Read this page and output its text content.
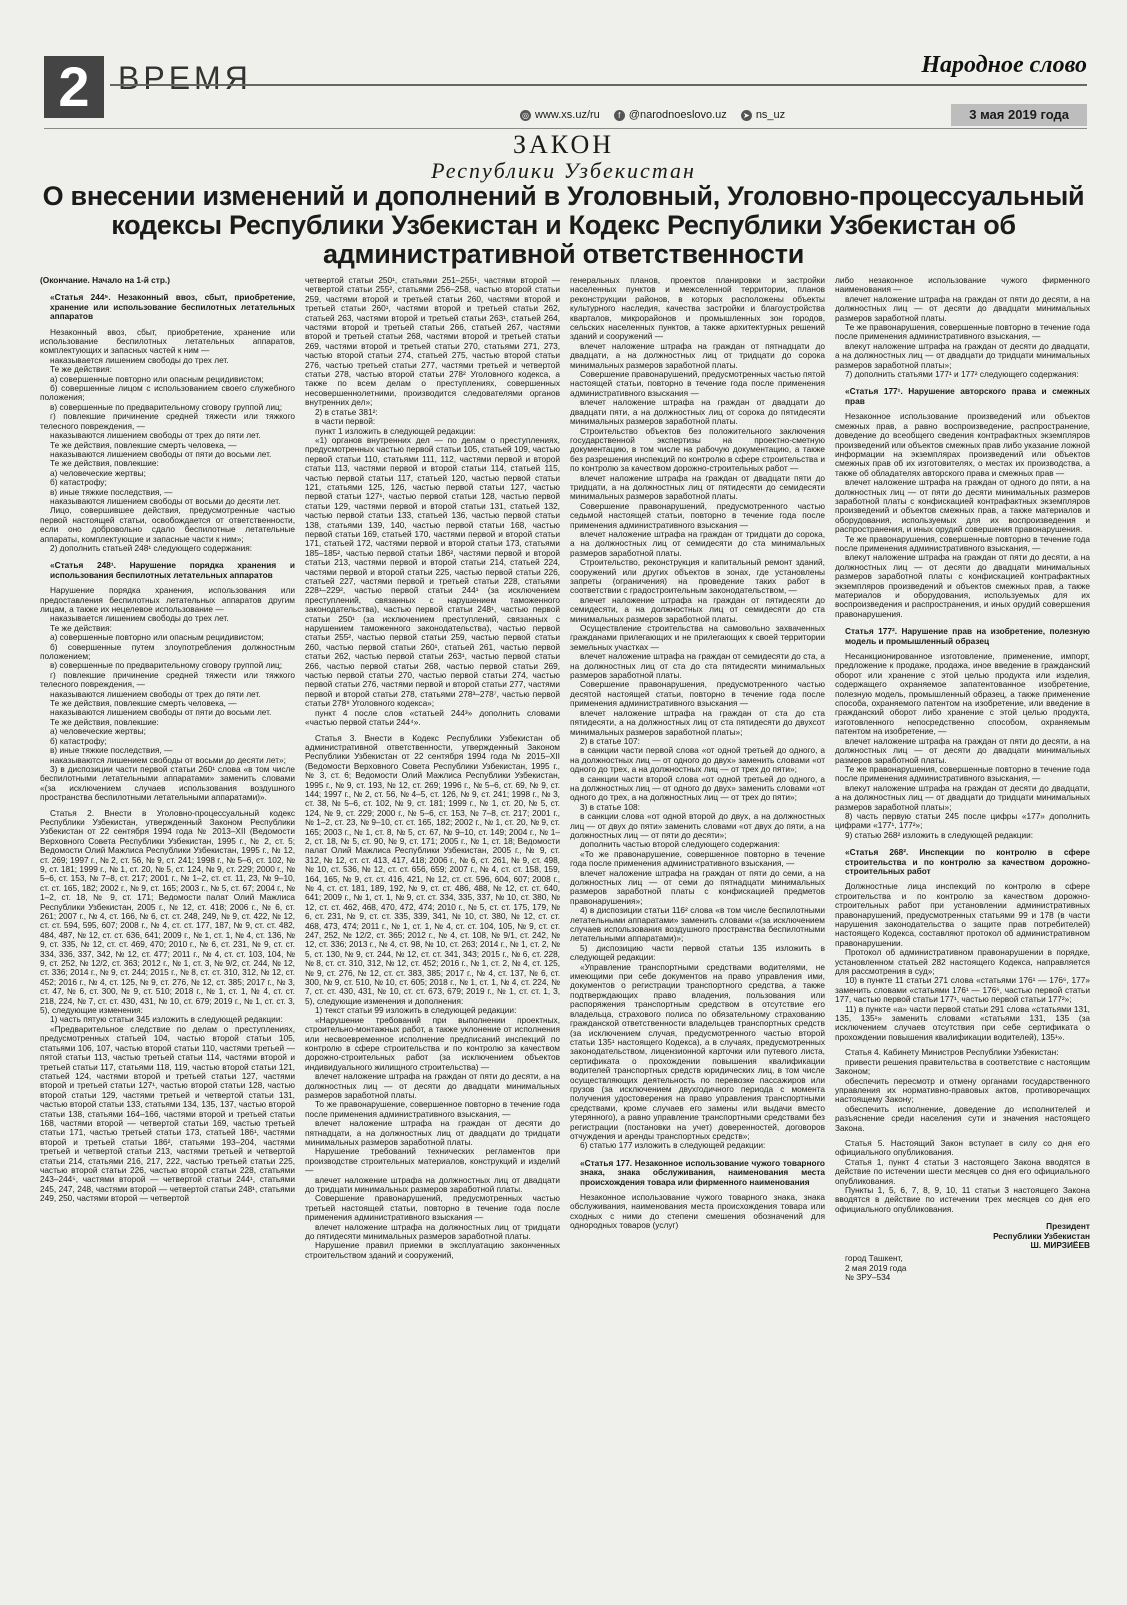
2 ВРЕМЯ	Народное слово
◎ www.xs.uz/ru	f @narodnoeslovo.uz ➤ ns_uz	3 мая 2019 года
ЗАКОН
Республики Узбекистан
О внесении изменений и дополнений в Уголовный, Уголовно-процессуальный кодексы Республики Узбекистан и Кодекс Республики Узбекистан об административной ответственности

(Окончание. Начало на 1-й стр.)

«Статья 244⁵. Незаконный ввоз, сбыт, приобретение, хранение или использование беспилотных летательных аппаратов

Незаконный ввоз, сбыт, приобретение, хранение или использование беспилотных летательных аппаратов, комплектующих и запасных частей к ним —

наказывается лишением свободы до трех лет.

Те же действия:

а) совершенные повторно или опасным рецидивистом;

б) совершенные лицом с использованием своего служебного положения;

в) совершенные по предварительному сговору группой лиц;

г) повлекшие причинение средней тяжести или тяжкого телесного повреждения, —

наказываются лишением свободы от трех до пяти лет.

Те же действия, повлекшие смерть человека, —

наказываются лишением свободы от пяти до восьми лет.

Те же действия, повлекшие:

а) человеческие жертвы;

б) катастрофу;

в) иные тяжкие последствия, —

наказываются лишением свободы от восьми до десяти лет.

Лицо, совершившее действия, предусмотренные частью первой настоящей статьи, освобождается от ответственности, если оно добровольно сдало беспилотные летательные аппараты, комплектующие и запасные части к ним»;

2) дополнить статьей 248¹ следующего содержания:

«Статья 248¹. Нарушение порядка хранения и использования беспилотных летательных аппаратов

Нарушение порядка хранения, использования или предоставления беспилотных летательных аппаратов другим лицам, а также их нецелевое использование —

наказывается лишением свободы до трех лет.

Те же действия:

а) совершенные повторно или опасным рецидивистом;

б) совершенные путем злоупотребления должностным положением;

в) совершенные по предварительному сговору группой лиц;

г) повлекшие причинение средней тяжести или тяжкого телесного повреждения, —

наказываются лишением свободы от трех до пяти лет.

Те же действия, повлекшие смерть человека, —

наказываются лишением свободы от пяти до восьми лет.

Те же действия, повлекшие:

а) человеческие жертвы;

б) катастрофу;

в) иные тяжкие последствия, —

наказываются лишением свободы от восьми до десяти лет»;

3) в диспозиции части первой статьи 260¹ слова «в том числе беспилотными летательными аппаратами» заменить словами «(за исключением случаев использования воздушного пространства беспилотными летательными аппаратами)».

Статья 2. Внести в Уголовно-процессуальный кодекс Республики Узбекистан, утвержденный Законом Республики Узбекистан от 22 сентября 1994 года № 2013–XII (Ведомости Верховного Совета Республики Узбекистан, 1995 г., № 2, ст. 5; Ведомости Олий Мажлиса Республики Узбекистан, 1995 г., № 12, ст. 269; 1997 г., № 2, ст. 56, № 9, ст. 241; 1998 г., № 5–6, ст. 102, № 9, ст. 181; 1999 г., № 1, ст. 20, № 5, ст. 124, № 9, ст. 229; 2000 г., № 5–6, ст. 153, № 7–8, ст. 217; 2001 г., № 1–2, ст. ст. 11, 23, № 9–10, ст. ст. 165, 182; 2002 г., № 9, ст. 165; 2003 г., № 5, ст. 67; 2004 г., № 1–2, ст. 18, № 9, ст. 171; Ведомости палат Олий Мажлиса Республики Узбекистан, 2005 г., № 12, ст. 418; 2006 г., № 6, ст. 261; 2007 г., № 4, ст. 166, № 6, ст. ст. 248, 249, № 9, ст. 422, № 12, ст. ст. 594, 595, 607; 2008 г., № 4, ст. ст. 177, 187, № 9, ст. ст. 482, 484, 487, № 12, ст. ст. 636, 641; 2009 г., № 1, ст. 1, № 4, ст. 136, № 9, ст. 335, № 12, ст. ст. 469, 470; 2010 г., № 6, ст. 231, № 9, ст. ст. 334, 336, 337, 342, № 12, ст. 477; 2011 г., № 4, ст. ст. 103, 104, № 9, ст. 252, № 12/2, ст. 363; 2012 г., № 1, ст. 3, № 9/2, ст. 244, № 12, ст. 336; 2014 г., № 9, ст. 244; 2015 г., № 8, ст. ст. 310, 312, № 12, ст. 452; 2016 г., № 4, ст. 125, № 9, ст. 276, № 12, ст. 385; 2017 г., № 3, ст. 47, № 6, ст. 300, № 9, ст. 510; 2018 г., № 1, ст. 1, № 4, ст. ст. 218, 224, № 7, ст. ст. 430, 431, № 10, ст. 679; 2019 г., № 1, ст. ст. 3, 5), следующие изменения:

1) часть пятую статьи 345 изложить в следующей редакции:

«Предварительное следствие по делам о преступлениях, предусмотренных статьей 104, частью второй статьи 105, статьями 106, 107, частью второй статьи 110, частями третьей — пятой статьи 113, частью третьей статьи 114, частями второй и третьей статьи 117, статьями 118, 119, частью второй статьи 121, статьей 124, частями второй и третьей статьи 127, частями второй и третьей статьи 127¹, частью второй статьи 128, частью второй статьи 129, частями третьей и четвертой статьи 131, частью второй статьи 133, статьями 134, 135, 137, частью второй статьи 138, статьями 164–166, частями второй и третьей статьи 168, частями второй — четвертой статьи 169, частью третьей статьи 171, частью третьей статьи 173, статьей 186¹, частями второй и третьей статьи 186², статьями 193–204, частями третьей и четвертой статьи 213, частями третьей и четвертой статьи 214, статьями 216, 217, 222, частью третьей статьи 225, частью второй статьи 226, частью второй статьи 228, статьями 243–244⁵, частями второй — четвертой статьи 244¹, статьями 245, 247, 248, частями второй — четвертой статьи 248¹, статьями 249, 250, частями второй — четвертой

четвертой статьи 250¹, статьями 251–255¹, частями второй — четвертой статьи 255², статьями 256–258, частью второй статьи 259, частями второй и третьей статьи 260, частями второй и третьей статьи 260¹, частями второй и третьей статьи 262, статьей 263, частями второй и третьей статьи 263¹, статьей 264, частями второй и третьей статьи 266, статьей 267, частями второй и третьей статьи 268, частями второй и третьей статьи 269, частями второй и третьей статьи 270, статьями 271, 273, частью второй статьи 274, статьей 275, частью второй статьи 276, частью третьей статьи 277, частями третьей и четвертой статьи 278, частью второй статьи 278² Уголовного кодекса, а также по всем делам о преступлениях, совершенных несовершеннолетними, производится следователями органов внутренних дел»;

2) в статье 381²:

в части первой:

пункт 1 изложить в следующей редакции:

«1) органов внутренних дел — по делам о преступлениях, предусмотренных частью первой статьи 105, статьей 109, частью первой статьи 110, статьями 111, 112, частями первой и второй статьи 113, частями первой и второй статьи 114, статьей 115, частью первой статьи 117, статьей 120, частью первой статьи 121, статьями 125, 126, частью первой статьи 127, частью первой статьи 127¹, частью первой статьи 128, частью первой статьи 129, частями первой и второй статьи 131, статьей 132, частью первой статьи 133, статьей 136, частью первой статьи 138, статьями 139, 140, частью первой статьи 168, частью первой статьи 169, статьей 170, частями первой и второй статьи 171, статьей 172, частями первой и второй статьи 173, статьями 185–185², частью первой статьи 186², частями первой и второй статьи 213, частями первой и второй статьи 214, статьей 224, частями первой и второй статьи 225, частью первой статьи 226, статьей 227, частями первой и третьей статьи 228, статьями 228¹–229², частью первой статьи 244¹ (за исключением преступлений, связанных с нарушением таможенного законодательства), частью первой статьи 248¹, частью первой статьи 250¹ (за исключением преступлений, связанных с нарушением таможенного законодательства), частью первой статьи 255², частью первой статьи 259, частью первой статьи 260, частью первой статьи 260¹, статьей 261, частью первой статьи 262, частью первой статьи 263¹, частью первой статьи 266, частью первой статьи 268, частью первой статьи 269, частью первой статьи 270, частью первой статьи 274, частью первой статьи 276, частями первой и второй статьи 277, частями первой и второй статьи 278, статьями 278³–278⁷, частью первой статьи 278⁸ Уголовного кодекса»;

пункт 4 после слов «статьей 244³» дополнить словами «частью первой статьи 244⁴».

Статья 3. Внести в Кодекс Республики Узбекистан об административной ответственности, утвержденный Законом Республики Узбекистан от 22 сентября 1994 года № 2015–XII (Ведомости Верховного Совета Республики Узбекистан, 1995 г., № 3, ст. 6; Ведомости Олий Мажлиса Республики Узбекистан, 1995 г., № 9, ст. 193, № 12, ст. 269; 1996 г., № 5–6, ст. 69, № 9, ст. 144; 1997 г., № 2, ст. 56, № 4–5, ст. 126, № 9, ст. 241; 1998 г., № 3, ст. 38, № 5–6, ст. 102, № 9, ст. 181; 1999 г., № 1, ст. 20, № 5, ст. 124, № 9, ст. 229; 2000 г., № 5–6, ст. 153, № 7–8, ст. 217; 2001 г., № 1–2, ст. 23, № 9–10, ст. ст. 165, 182; 2002 г., № 1, ст. 20, № 9, ст. 165; 2003 г., № 1, ст. 8, № 5, ст. 67, № 9–10, ст. 149; 2004 г., № 1–2, ст. 18, № 5, ст. 90, № 9, ст. 171; 2005 г., № 1, ст. 18; Ведомости палат Олий Мажлиса Республики Узбекистан, 2005 г., № 9, ст. 312, № 12, ст. ст. 413, 417, 418; 2006 г., № 6, ст. 261, № 9, ст. 498, № 10, ст. 536, № 12, ст. ст. 656, 659; 2007 г., № 4, ст. ст. 158, 159, 164, 165, № 9, ст. ст. 416, 421, № 12, ст. ст. 596, 604, 607; 2008 г., № 4, ст. ст. 181, 189, 192, № 9, ст. ст. 486, 488, № 12, ст. ст. 640, 641; 2009 г., № 1, ст. 1, № 9, ст. ст. 334, 335, 337, № 10, ст. 380, № 12, ст. ст. 462, 468, 470, 472, 474; 2010 г., № 5, ст. ст. 175, 179, № 6, ст. 231, № 9, ст. ст. 335, 339, 341, № 10, ст. 380, № 12, ст. ст. 468, 473, 474; 2011 г., № 1, ст. 1, № 4, ст. ст. 104, 105, № 9, ст. ст. 247, 252, № 12/2, ст. 365; 2012 г., № 4, ст. 108, № 9/1, ст. 242, № 12, ст. 336; 2013 г., № 4, ст. 98, № 10, ст. 263; 2014 г., № 1, ст. 2, № 5, ст. 130, № 9, ст. 244, № 12, ст. ст. 341, 343; 2015 г., № 6, ст. 228, № 8, ст. ст. 310, 312, № 12, ст. 452; 2016 г., № 1, ст. 2, № 4, ст. 125, № 9, ст. 276, № 12, ст. ст. 383, 385; 2017 г., № 4, ст. 137, № 6, ст. 300, № 9, ст. 510, № 10, ст. 605; 2018 г., № 1, ст. 1, № 4, ст. 224, № 7, ст. ст. 430, 431, № 10, ст. ст. 673, 679; 2019 г., № 1, ст. ст. 1, 3, 5), следующие изменения и дополнения:

1) текст статьи 99 изложить в следующей редакции:

«Нарушение требований при выполнении проектных, строительно-монтажных работ, а также уклонение от исполнения или несвоевременное исполнение предписаний инспекций по контролю в сфере строительства и по контролю за качеством дорожно-строительных работ (за исключением объектов индивидуального жилищного строительства) —

влечет наложение штрафа на граждан от пяти до десяти, а на должностных лиц — от десяти до двадцати минимальных размеров заработной платы.

То же правонарушение, совершенное повторно в течение года после применения административного взыскания, —

влечет наложение штрафа на граждан от десяти до пятнадцати, а на должностных лиц от двадцати до тридцати минимальных размеров заработной платы.

Нарушение требований технических регламентов при производстве строительных материалов, конструкций и изделий —

влечет наложение штрафа на должностных лиц от двадцати до тридцати минимальных размеров заработной платы.

Совершение правонарушений, предусмотренных частью третьей настоящей статьи, повторно в течение года после применения административного взыскания —

влечет наложение штрафа на должностных лиц от тридцати до пятидесяти минимальных размеров заработной платы.

Нарушение правил приемки в эксплуатацию законченных строительством зданий и сооружений,

генеральных планов, проектов планировки и застройки населенных пунктов и межселенной территории, планов реконструкции районов, в которых расположены объекты культурного наследия, качества застройки и благоустройства кварталов, микрорайонов и промышленных зон городов, сельских населенных пунктов, а также архитектурных решений зданий и сооружений —

влечет наложение штрафа на граждан от пятнадцати до двадцати, а на должностных лиц от тридцати до сорока минимальных размеров заработной платы.

Совершение правонарушений, предусмотренных частью пятой настоящей статьи, повторно в течение года после применения административного взыскания —

влечет наложение штрафа на граждан от двадцати до двадцати пяти, а на должностных лиц от сорока до пятидесяти минимальных размеров заработной платы.

Строительство объектов без положительного заключения государственной экспертизы на проектно-сметную документацию, в том числе на рабочую документацию, а также без разрешения инспекций по контролю в сфере строительства и по контролю за качеством дорожно-строительных работ —

влечет наложение штрафа на граждан от двадцати пяти до тридцати, а на должностных лиц от пятидесяти до семидесяти минимальных размеров заработной платы.

Совершение правонарушений, предусмотренного частью седьмой настоящей статьи, повторно в течение года после применения административного взыскания —

влечет наложение штрафа на граждан от тридцати до сорока, а на должностных лиц от семидесяти до ста минимальных размеров заработной платы.

Строительство, реконструкция и капитальный ремонт зданий, сооружений или других объектов в зонах, где установлены запреты (ограничения) на проведение таких работ в соответствии с градостроительным законодательством, —

влечет наложение штрафа на граждан от пятидесяти до семидесяти, а на должностных лиц от семидесяти до ста минимальных размеров заработной платы.

Осуществление строительства на самовольно захваченных гражданами прилегающих и не прилегающих к своей территории земельных участках —

влечет наложение штрафа на граждан от семидесяти до ста, а на должностных лиц от ста до ста пятидесяти минимальных размеров заработной платы.

Совершение правонарушения, предусмотренного частью десятой настоящей статьи, повторно в течение года после применения административного взыскания —

влечет наложение штрафа на граждан от ста до ста пятидесяти, а на должностных лиц от ста пятидесяти до двухсот минимальных размеров заработной платы»;

2) в статье 107:

в санкции части первой слова «от одной третьей до одного, а на должностных лиц — от одного до двух» заменить словами «от одного до трех, а на должностных лиц — от трех до пяти»;

в санкции части второй слова «от одной третьей до одного, а на должностных лиц — от одного до двух» заменить словами «от одного до трех, а на должностных лиц — от трех до пяти»;

3) в статье 108:

в санкции слова «от одной второй до двух, а на должностных лиц — от двух до пяти» заменить словами «от двух до пяти, а на должностных лиц — от пяти до десяти»;

дополнить частью второй следующего содержания:

«То же правонарушение, совершенное повторно в течение года после применения административного взыскания, —

влечет наложение штрафа на граждан от пяти до семи, а на должностных лиц — от семи до пятнадцати минимальных размеров заработной платы с конфискацией предметов правонарушения»;

4) в диспозиции статьи 116² слова «в том числе беспилотными летательными аппаратами» заменить словами «(за исключением случаев использования воздушного пространства беспилотными летательными аппаратами)»;

5) диспозицию части первой статьи 135 изложить в следующей редакции:

«Управление транспортными средствами водителями, не имеющими при себе документов на право управления ими, документов о регистрации транспортного средства, а также подтверждающих право владения, пользования или распоряжения транспортным средством в отсутствие его владельца, страхового полиса по обязательному страхованию гражданской ответственности владельцев транспортных средств (за исключением случая, предусмотренного частью второй статьи 135¹ настоящего Кодекса), а в случаях, предусмотренных законодательством, лицензионной карточки или путевого листа, сертификата о прохождении повышения квалификации водителей транспортных средств юридических лиц, в том числе осуществляющих деятельность по перевозке пассажиров или грузов (за исключением двухгодичного периода с момента получения удостоверения на право управления транспортными средствами, кроме случаев его замены или выдачи вместо утерянного), а равно управление транспортными средствами без регистрации (постановки на учет) доверенностей, договоров отчуждения и аренды транспортных средств»;

6) статью 177 изложить в следующей редакции:

«Статья 177. Незаконное использование чужого товарного знака, знака обслуживания, наименования места происхождения товара или фирменного наименования

Незаконное использование чужого товарного знака, знака обслуживания, наименования места происхождения товара или сходных с ними до степени смешения обозначений для однородных товаров (услуг)

либо незаконное использование чужого фирменного наименования —

влечет наложение штрафа на граждан от пяти до десяти, а на должностных лиц — от десяти до двадцати минимальных размеров заработной платы.

Те же правонарушения, совершенные повторно в течение года после применения административного взыскания, —

влекут наложение штрафа на граждан от десяти до двадцати, а на должностных лиц — от двадцати до тридцати минимальных размеров заработной платы»;

7) дополнить статьями 177¹ и 177² следующего содержания:

«Статья 177¹. Нарушение авторского права и смежных прав

Незаконное использование произведений или объектов смежных прав, а равно воспроизведение, распространение, доведение до всеобщего сведения контрафактных экземпляров произведений или объектов смежных прав либо указание ложной информации на экземплярах произведений или объектов смежных прав об их изготовителях, о местах их производства, а также об обладателях авторского права и смежных прав —

влечет наложение штрафа на граждан от одного до пяти, а на должностных лиц — от пяти до десяти минимальных размеров заработной платы с конфискацией контрафактных экземпляров произведений и объектов смежных прав, а также материалов и оборудования, используемых для их воспроизведения и распространения, и иных орудий совершения правонарушения.

Те же правонарушения, совершенные повторно в течение года после применения административного взыскания, —

влекут наложение штрафа на граждан от пяти до десяти, а на должностных лиц — от десяти до двадцати минимальных размеров заработной платы с конфискацией контрафактных экземпляров произведений и объектов смежных прав, а также материалов и оборудования, используемых для их воспроизведения и распространения, и иных орудий совершения правонарушения.

Статья 177². Нарушение прав на изобретение, полезную модель и промышленный образец

Несанкционированное изготовление, применение, импорт, предложение к продаже, продажа, иное введение в гражданский оборот или хранение с этой целью продукта или изделия, содержащего охраняемое запатентованное изобретение, полезную модель, промышленный образец, а также применение способа, охраняемого патентом на изобретение, или введение в гражданский оборот либо хранение с этой целью продукта, изготовленного непосредственно способом, охраняемым патентом на изобретение, —

влечет наложение штрафа на граждан от пяти до десяти, а на должностных лиц — от десяти до двадцати минимальных размеров заработной платы.

Те же правонарушения, совершенные повторно в течение года после применения административного взыскания, —

влекут наложение штрафа на граждан от десяти до двадцати, а на должностных лиц — от двадцати до тридцати минимальных размеров заработной платы»;

8) часть первую статьи 245 после цифры «177» дополнить цифрами «177¹, 177²»;

9) статью 268² изложить в следующей редакции:

«Статья 268². Инспекции по контролю в сфере строительства и по контролю за качеством дорожно-строительных работ

Должностные лица инспекций по контролю в сфере строительства и по контролю за качеством дорожно-строительных работ при установлении административных правонарушений, предусмотренных статьями 99 и 178 (в части нарушения законодательства о защите прав потребителей) настоящего Кодекса, составляют протокол об административном правонарушении.

Протокол об административном правонарушении в порядке, установленном статьей 282 настоящего Кодекса, направляется для рассмотрения в суд»;

10) в пункте 11 статьи 271 слова «статьями 176¹ — 176⁶, 177» заменить словами «статьями 176¹ — 176⁶, частью первой статьи 177, частью первой статьи 177¹, частью первой статьи 177²»;

11) в пункте «а» части первой статьи 291 слова «статьями 131, 135, 135¹» заменить словами «статьями 131, 135 (за исключением случаев отсутствия при себе сертификата о прохождении повышения квалификации водителей), 135¹».

Статья 4. Кабинету Министров Республики Узбекистан:

привести решения правительства в соответствие с настоящим Законом;

обеспечить пересмотр и отмену органами государственного управления их нормативно-правовых актов, противоречащих настоящему Закону;

обеспечить исполнение, доведение до исполнителей и разъяснение среди населения сути и значения настоящего Закона.

Статья 5. Настоящий Закон вступает в силу со дня его официального опубликования.

Статья 1, пункт 4 статьи 3 настоящего Закона вводятся в действие по истечении шести месяцев со дня его официального опубликования.

Пункты 1, 5, 6, 7, 8, 9, 10, 11 статьи 3 настоящего Закона вводятся в действие по истечении трех месяцев со дня его официального опубликования.

Президент

Республики Узбекистан

Ш. МИРЗИЁЕВ

город Ташкент,

2 мая 2019 года

№ ЗРУ–534
